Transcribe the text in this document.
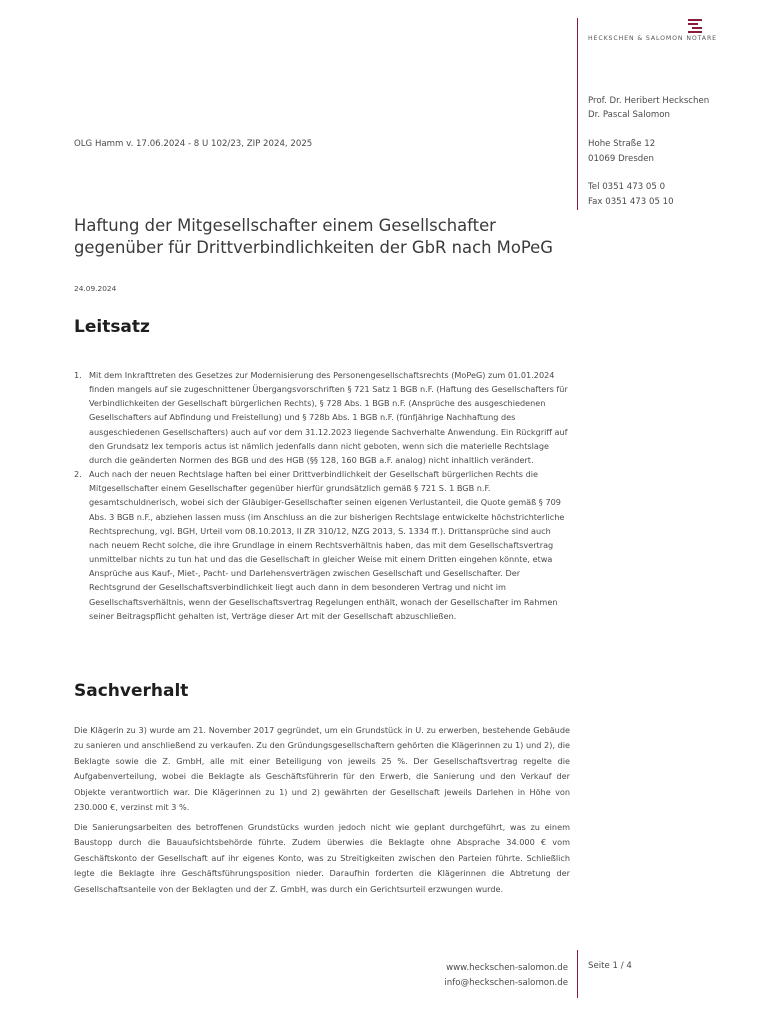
HECKSCHEN & SALOMON NOTARE
Prof. Dr. Heribert Heckschen
Dr. Pascal Salomon
Hohe Straße 12
01069 Dresden
Tel 0351 473 05 0
Fax 0351 473 05 10
OLG Hamm v. 17.06.2024 - 8 U 102/23, ZIP 2024, 2025
Haftung der Mitgesellschafter einem Gesellschafter gegenüber für Drittverbindlichkeiten der GbR nach MoPeG
24.09.2024
Leitsatz
1. Mit dem Inkrafttreten des Gesetzes zur Modernisierung des Personengesellschaftsrechts (MoPeG) zum 01.01.2024 finden mangels auf sie zugeschnittener Übergangsvorschriften § 721 Satz 1 BGB n.F. (Haftung des Gesellschafters für Verbindlichkeiten der Gesellschaft bürgerlichen Rechts), § 728 Abs. 1 BGB n.F. (Ansprüche des ausgeschiedenen Gesellschafters auf Abfindung und Freistellung) und § 728b Abs. 1 BGB n.F. (fünfjährige Nachhaftung des ausgeschiedenen Gesellschafters) auch auf vor dem 31.12.2023 liegende Sachverhalte Anwendung. Ein Rückgriff auf den Grundsatz lex temporis actus ist nämlich jedenfalls dann nicht geboten, wenn sich die materielle Rechtslage durch die geänderten Normen des BGB und des HGB (§§ 128, 160 BGB a.F. analog) nicht inhaltlich verändert.
2. Auch nach der neuen Rechtslage haften bei einer Drittverbindlichkeit der Gesellschaft bürgerlichen Rechts die Mitgesellschafter einem Gesellschafter gegenüber hierfür grundsätzlich gemäß § 721 S. 1 BGB n.F. gesamtschuldnerisch, wobei sich der Gläubiger-Gesellschafter seinen eigenen Verlustanteil, die Quote gemäß § 709 Abs. 3 BGB n.F., abziehen lassen muss (im Anschluss an die zur bisherigen Rechtslage entwickelte höchstrichterliche Rechtsprechung, vgl. BGH, Urteil vom 08.10.2013, II ZR 310/12, NZG 2013, S. 1334 ff.). Drittansprüche sind auch nach neuem Recht solche, die ihre Grundlage in einem Rechtsverhältnis haben, das mit dem Gesellschaftsvertrag unmittelbar nichts zu tun hat und das die Gesellschaft in gleicher Weise mit einem Dritten eingehen könnte, etwa Ansprüche aus Kauf-, Miet-, Pacht- und Darlehensverträgen zwischen Gesellschaft und Gesellschafter. Der Rechtsgrund der Gesellschaftsverbindlichkeit liegt auch dann in dem besonderen Vertrag und nicht im Gesellschaftsverhältnis, wenn der Gesellschaftsvertrag Regelungen enthält, wonach der Gesellschafter im Rahmen seiner Beitragspflicht gehalten ist, Verträge dieser Art mit der Gesellschaft abzuschließen.
Sachverhalt

Die Klägerin zu 3) wurde am 21. November 2017 gegründet, um ein Grundstück in U. zu erwerben, bestehende Gebäude zu sanieren und anschließend zu verkaufen. Zu den Gründungsgesellschaftern gehörten die Klägerinnen zu 1) und 2), die Beklagte sowie die Z. GmbH, alle mit einer Beteiligung von jeweils 25 %. Der Gesellschaftsvertrag regelte die Aufgabenverteilung, wobei die Beklagte als Geschäftsführerin für den Erwerb, die Sanierung und den Verkauf der Objekte verantwortlich war. Die Klägerinnen zu 1) und 2) gewährten der Gesellschaft jeweils Darlehen in Höhe von 230.000 €, verzinst mit 3 %.

Die Sanierungsarbeiten des betroffenen Grundstücks wurden jedoch nicht wie geplant durchgeführt, was zu einem Baustopp durch die Bauaufsichtsbehörde führte. Zudem überwies die Beklagte ohne Absprache 34.000 € vom Geschäftskonto der Gesellschaft auf ihr eigenes Konto, was zu Streitigkeiten zwischen den Parteien führte. Schließlich legte die Beklagte ihre Geschäftsführungsposition nieder. Daraufhin forderten die Klägerinnen die Abtretung der Gesellschaftsanteile von der Beklagten und der Z. GmbH, was durch ein Gerichtsurteil erzwungen wurde.

www.heckschen-salomon.de
info@heckschen-salomon.de
Seite 1 / 4
